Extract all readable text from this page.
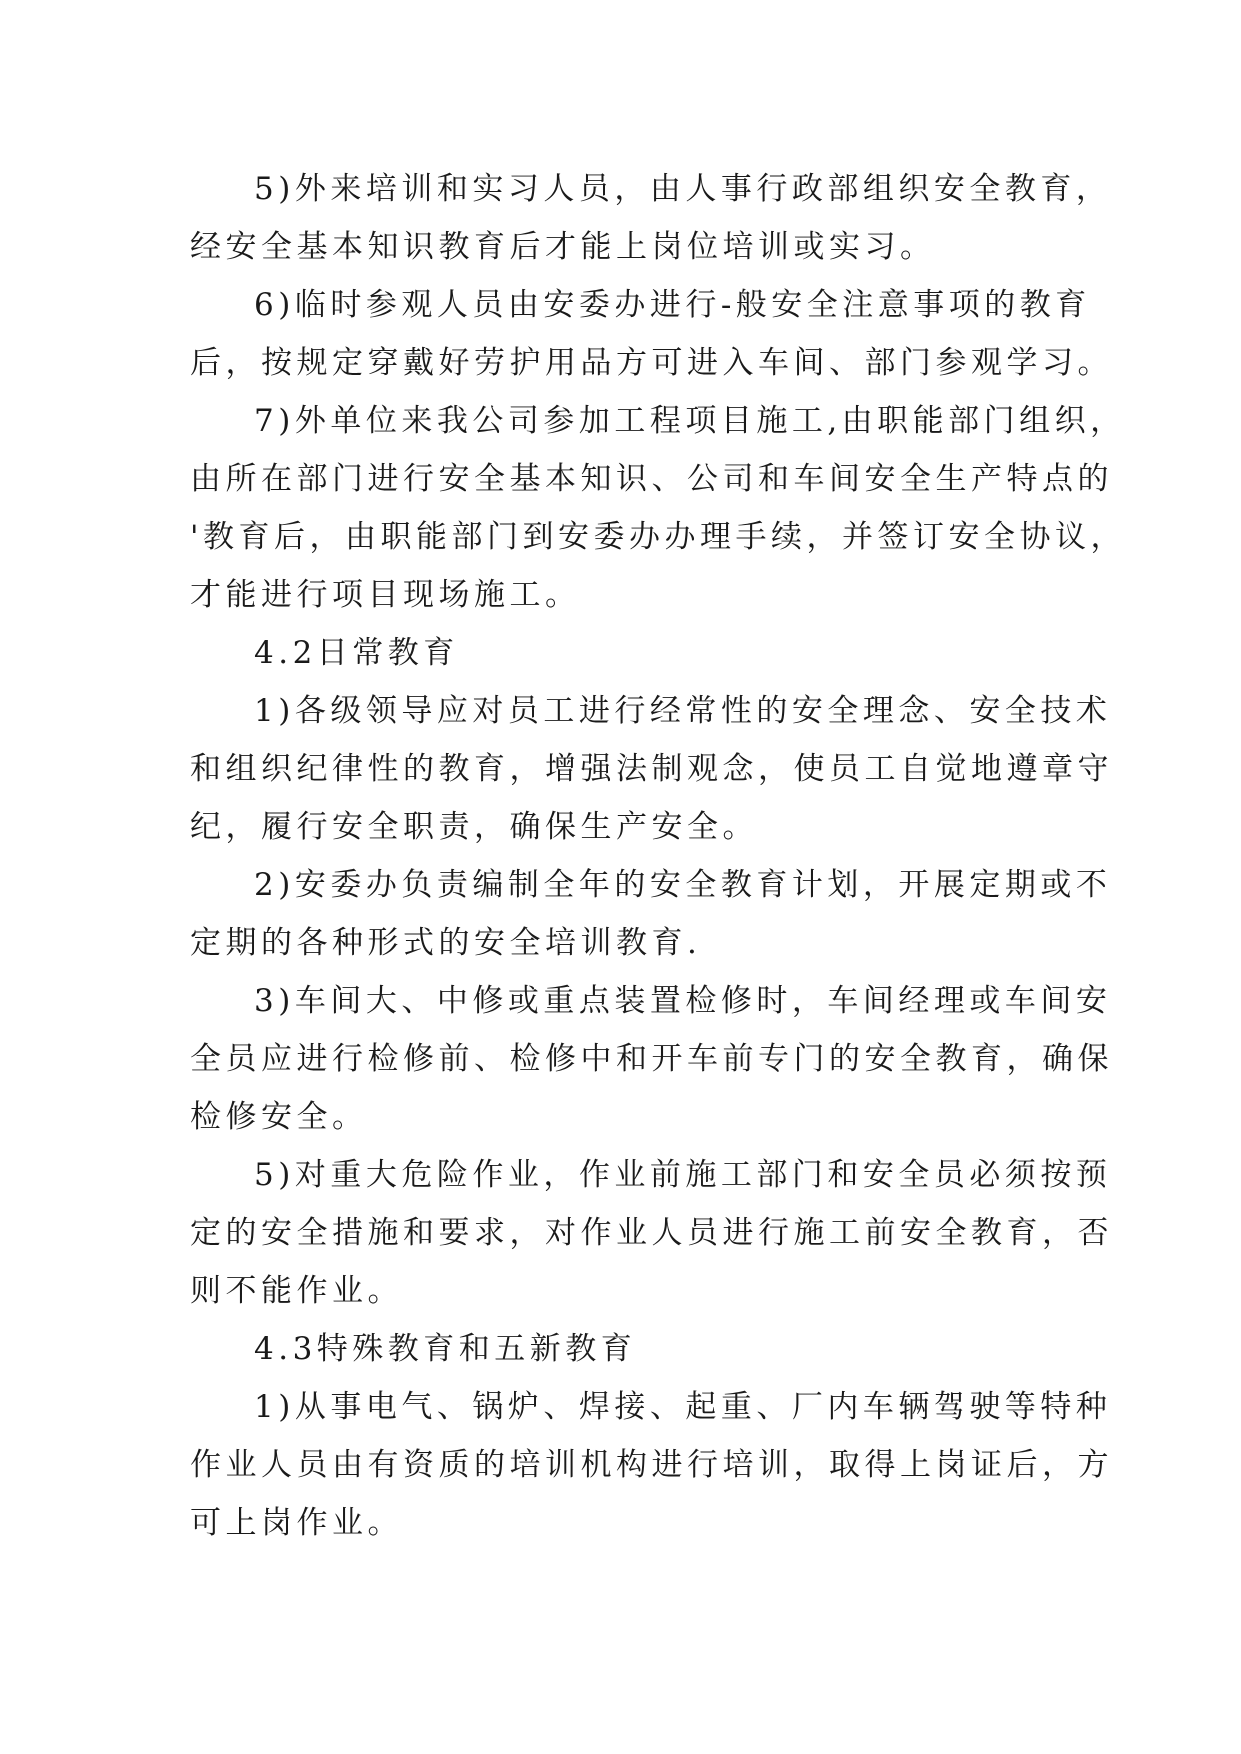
5)外来培训和实习人员，由人事行政部组织安全教育，
经安全基本知识教育后才能上岗位培训或实习。
6)临时参观人员由安委办进行-般安全注意事项的教育
后，按规定穿戴好劳护用品方可进入车间、部门参观学习。
7)外单位来我公司参加工程项目施工,由职能部门组织，
由所在部门进行安全基本知识、公司和车间安全生产特点的
'教育后，由职能部门到安委办办理手续，并签订安全协议，
才能进行项目现场施工。
4.2日常教育
1)各级领导应对员工进行经常性的安全理念、安全技术
和组织纪律性的教育，增强法制观念，使员工自觉地遵章守
纪，履行安全职责，确保生产安全。
2)安委办负责编制全年的安全教育计划，开展定期或不
定期的各种形式的安全培训教育.
3)车间大、中修或重点装置检修时，车间经理或车间安
全员应进行检修前、检修中和开车前专门的安全教育，确保
检修安全。
5)对重大危险作业，作业前施工部门和安全员必须按预
定的安全措施和要求，对作业人员进行施工前安全教育，否
则不能作业。
4.3特殊教育和五新教育
1)从事电气、锅炉、焊接、起重、厂内车辆驾驶等特种
作业人员由有资质的培训机构进行培训，取得上岗证后，方
可上岗作业。
